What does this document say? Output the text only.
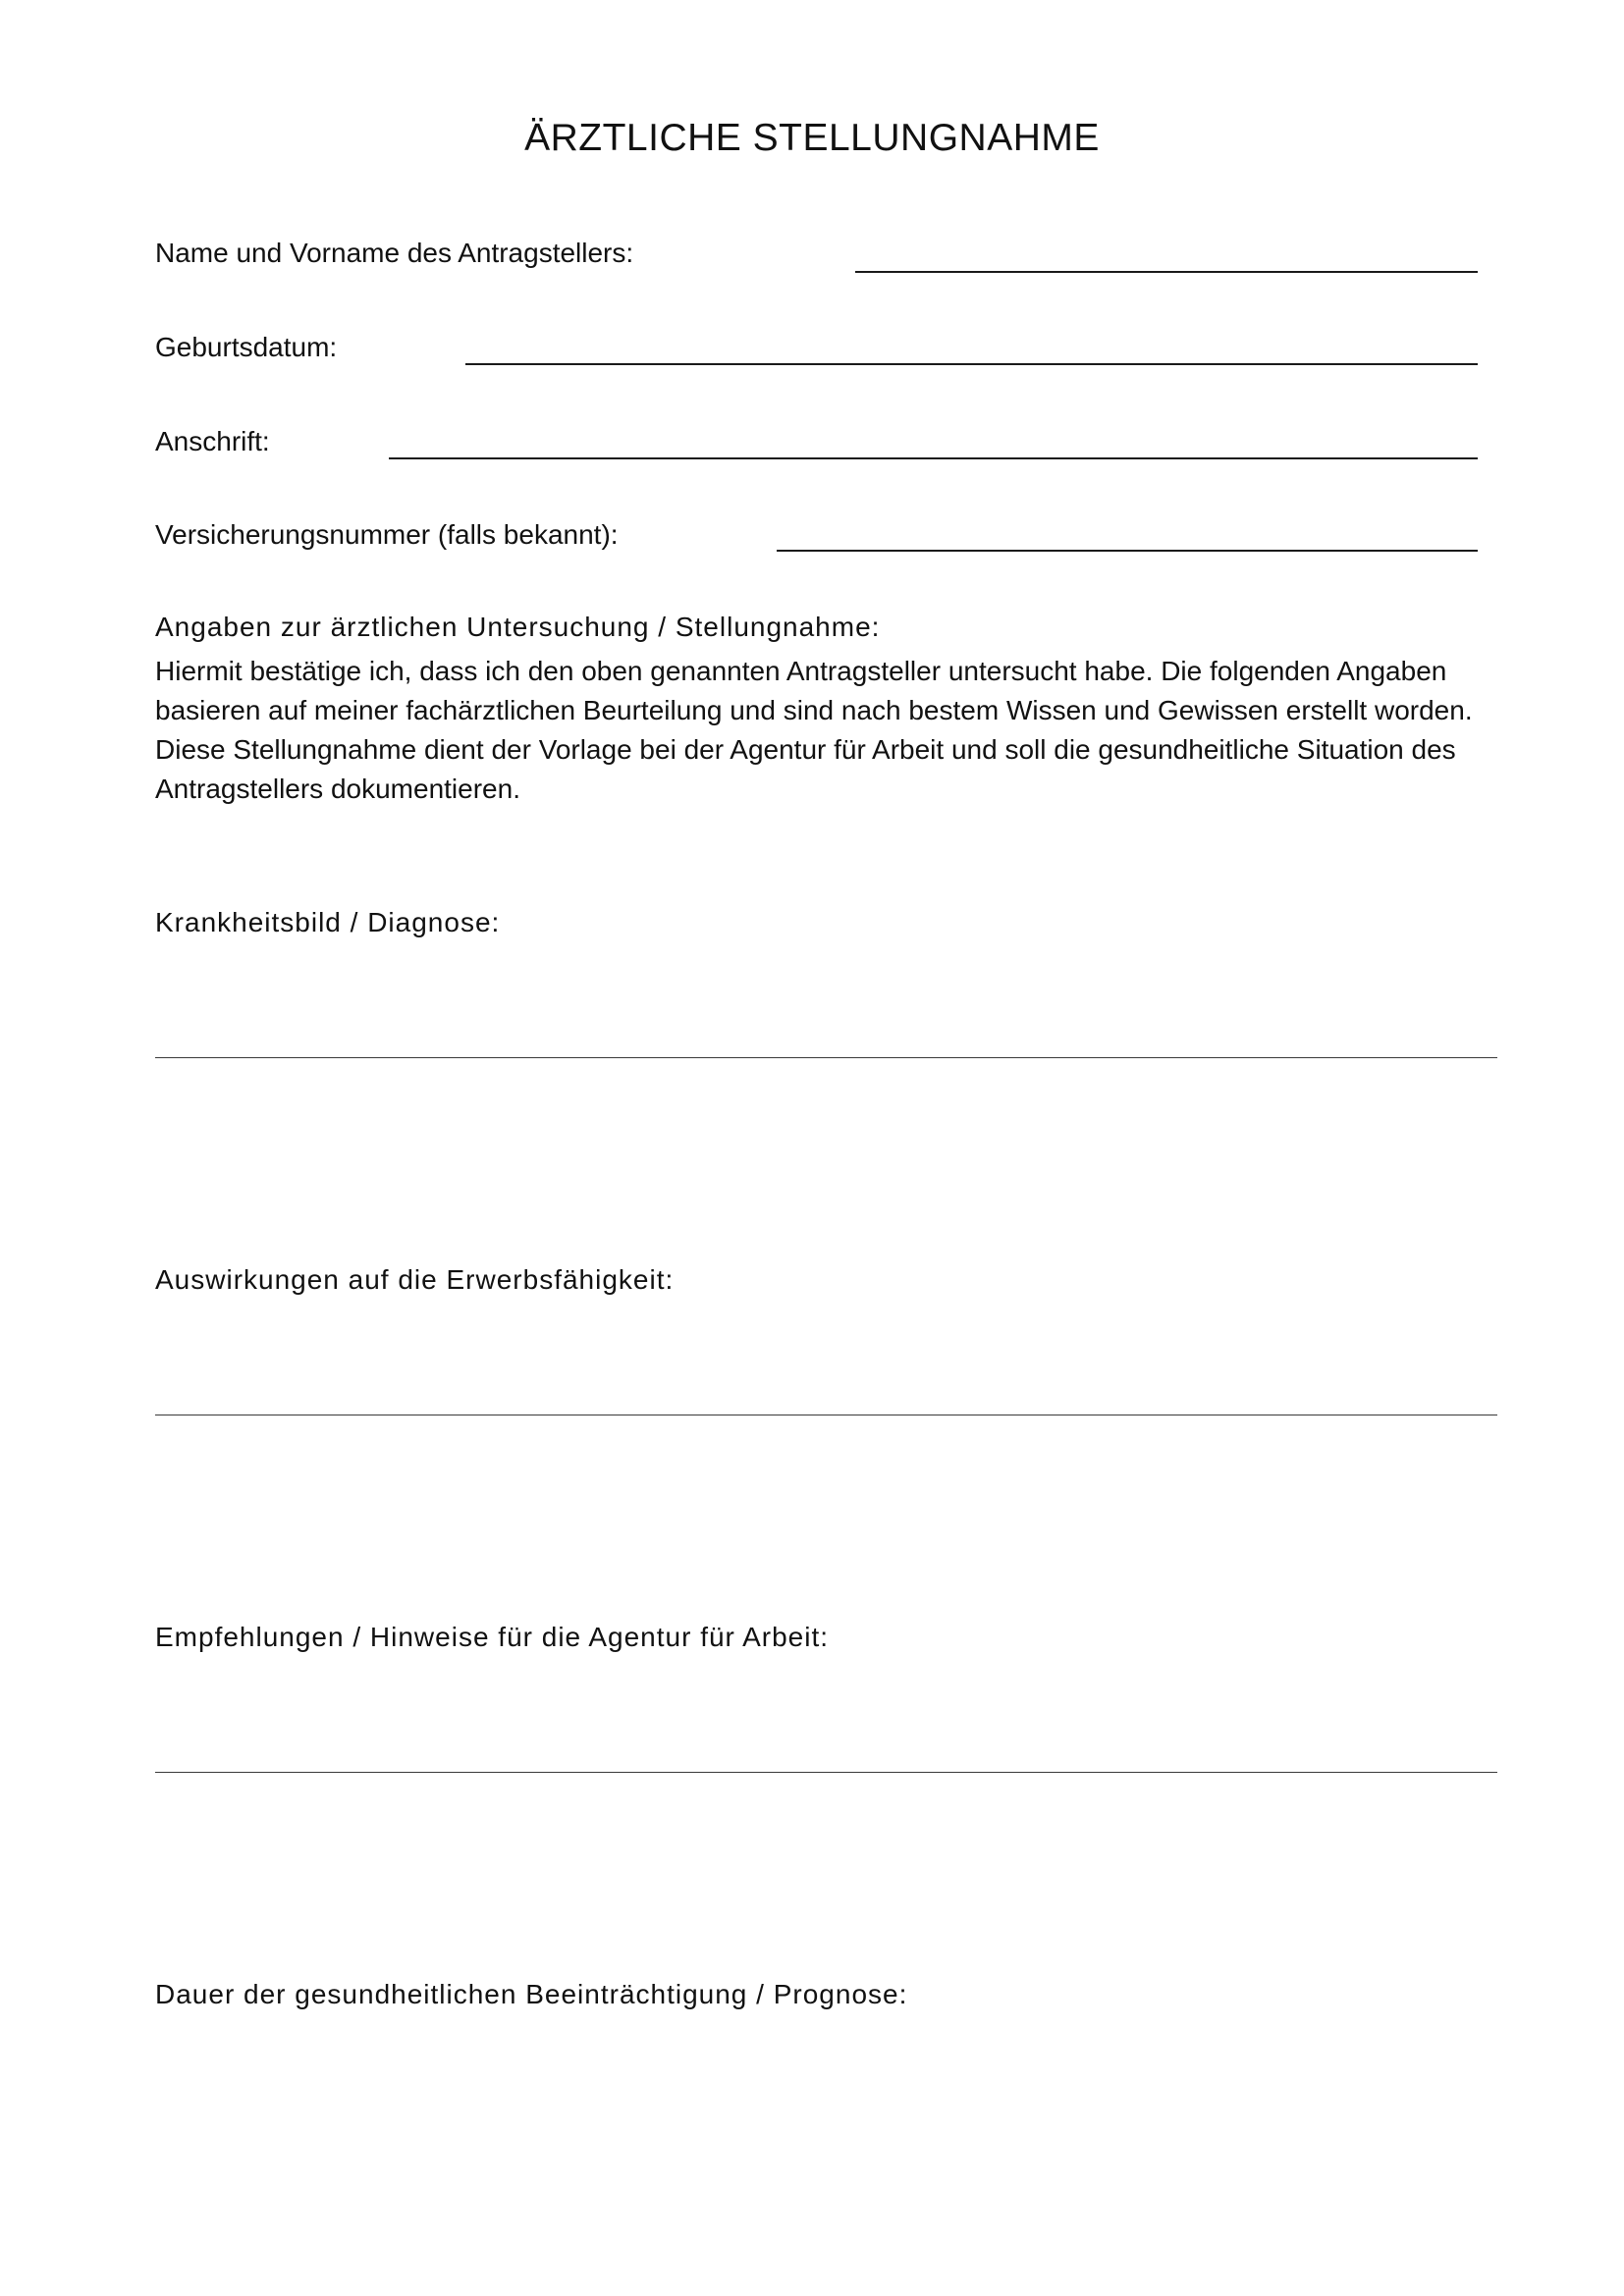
ÄRZTLICHE STELLUNGNAHME
Name und Vorname des Antragstellers:
Geburtsdatum:
Anschrift:
Versicherungsnummer (falls bekannt):
Angaben zur ärztlichen Untersuchung / Stellungnahme:

Hiermit bestätige ich, dass ich den oben genannten Antragsteller untersucht habe. Die folgenden Angaben

basieren auf meiner fachärztlichen Beurteilung und sind nach bestem Wissen und Gewissen erstellt worden.

Diese Stellungnahme dient der Vorlage bei der Agentur für Arbeit und soll die gesundheitliche Situation des

Antragstellers dokumentieren.

Krankheitsbild / Diagnose:
Auswirkungen auf die Erwerbsfähigkeit:
Empfehlungen / Hinweise für die Agentur für Arbeit:
Dauer der gesundheitlichen Beeinträchtigung / Prognose:
